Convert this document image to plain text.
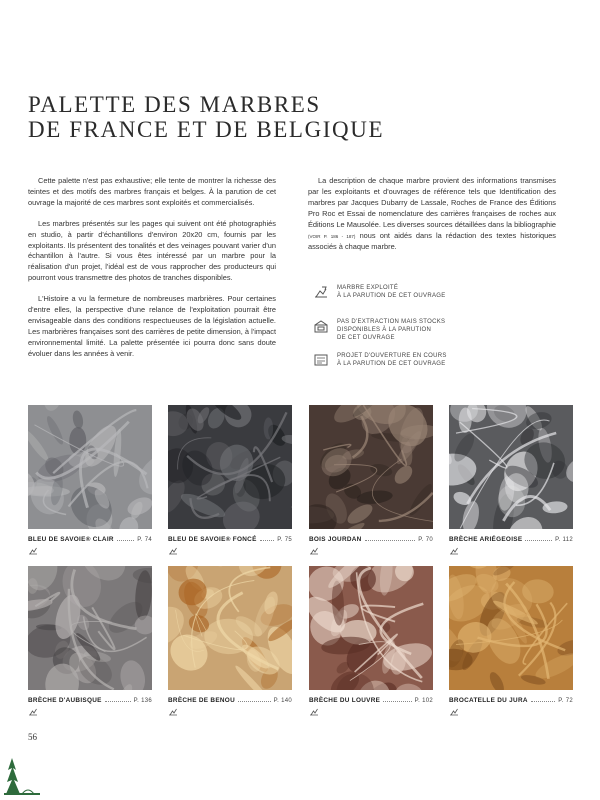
PALETTE DES MARBRES
DE FRANCE ET DE BELGIQUE

Cette palette n'est pas exhaustive; elle tente de montrer la richesse des teintes et des motifs des marbres français et belges. À la parution de cet ouvrage la majorité de ces marbres sont exploités et commercialisés.

Les marbres présentés sur les pages qui suivent ont été photographiés en studio, à partir d'échantillons d'environ 20x20 cm, fournis par les exploitants. Ils présentent des tonalités et des veinages pouvant varier d'un échantillon à l'autre. Si vous êtes intéressé par un marbre pour la réalisation d'un projet, l'idéal est de vous rapprocher des producteurs qui pourront vous transmettre des photos de tranches disponibles.

L'Histoire a vu la fermeture de nombreuses marbrières. Pour certaines d'entre elles, la perspective d'une relance de l'exploitation pourrait être envisageable dans des conditions respectueuses de la législation actuelle. Les marbrières françaises sont des carrières de petite dimension, à l'impact environnemental limité. La palette présentée ici pourra donc sans doute évoluer dans les années à venir.

La description de chaque marbre provient des informations transmises par les exploitants et d'ouvrages de référence tels que Identification des marbres par Jacques Dubarry de Lassale, Roches de France des Éditions Pro Roc et Essai de nomenclature des carrières françaises de roches aux Éditions Le Mausolée. Les diverses sources détaillées dans la bibliographie (VOIR P. 186 - 187) nous ont aidés dans la rédaction des textes historiques associés à chaque marbre.

MARBRE EXPLOITÉ
À LA PARUTION DE CET OUVRAGE
PAS D'EXTRACTION MAIS STOCKS
DISPONIBLES À LA PARUTION
DE CET OUVRAGE
PROJET D'OUVERTURE EN COURS
À LA PARUTION DE CET OUVRAGE
BLEU DE SAVOIE® CLAIR	P. 74	BLEU DE SAVOIE® FONCÉ	P. 75	BOIS JOURDAN	P. 70	BRÈCHE ARIÉGEOISE	P. 112
BRÈCHE D'AUBISQUE	P. 136	BRÈCHE DE BENOU	P. 140	BRÈCHE DU LOUVRE	P. 102	BROCATELLE DU JURA	P. 72
56
